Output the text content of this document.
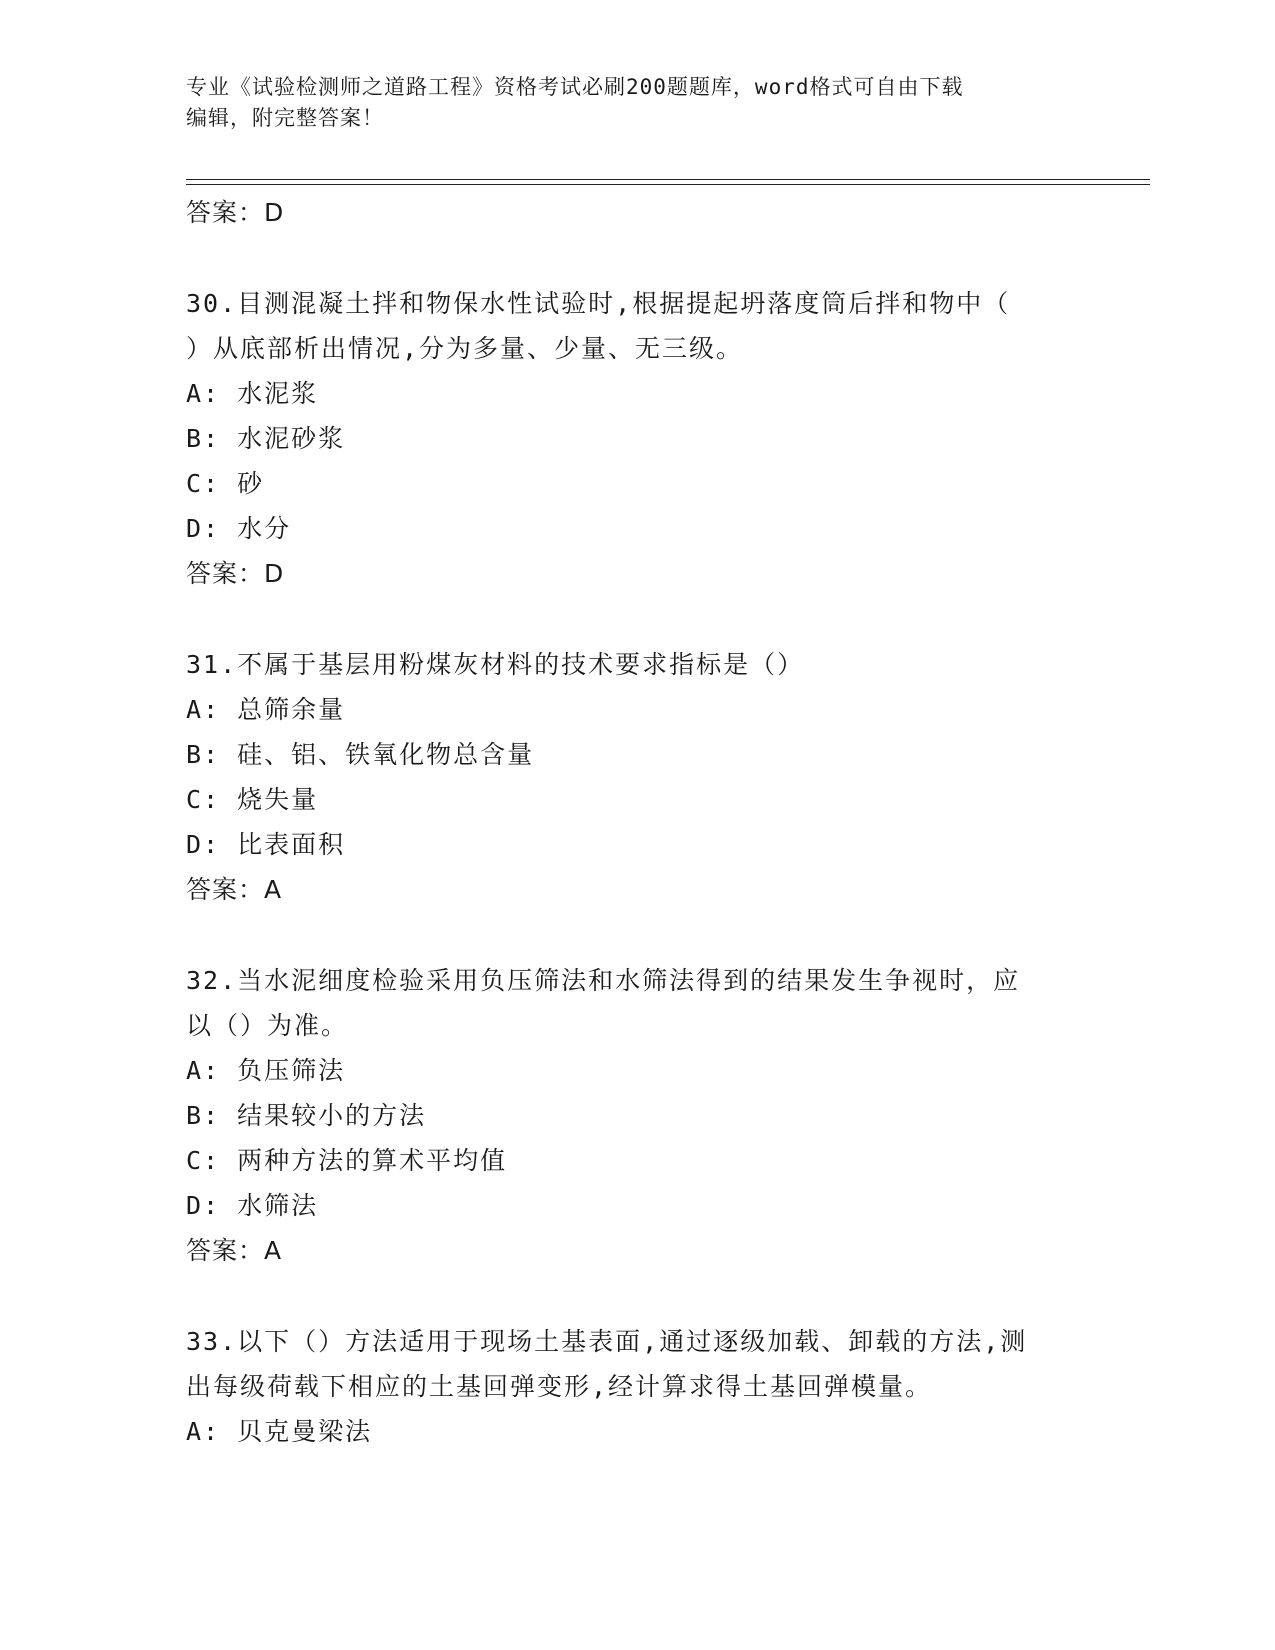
专业《试验检测师之道路工程》资格考试必刷200题题库，word格式可自由下载
编辑，附完整答案！
答案：D
30.目测混凝土拌和物保水性试验时,根据提起坍落度筒后拌和物中（
）从底部析出情况,分为多量、少量、无三级。
A: 水泥浆
B: 水泥砂浆
C: 砂
D: 水分
答案：D
31.不属于基层用粉煤灰材料的技术要求指标是（）
A: 总筛余量
B: 硅、铝、铁氧化物总含量
C: 烧失量
D: 比表面积
答案：A
32.当水泥细度检验采用负压筛法和水筛法得到的结果发生争视时，应
以（）为准。
A: 负压筛法
B: 结果较小的方法
C: 两种方法的算术平均值
D: 水筛法
答案：A
33.以下（）方法适用于现场土基表面,通过逐级加载、卸载的方法,测
出每级荷载下相应的土基回弹变形,经计算求得土基回弹模量。
A: 贝克曼梁法
